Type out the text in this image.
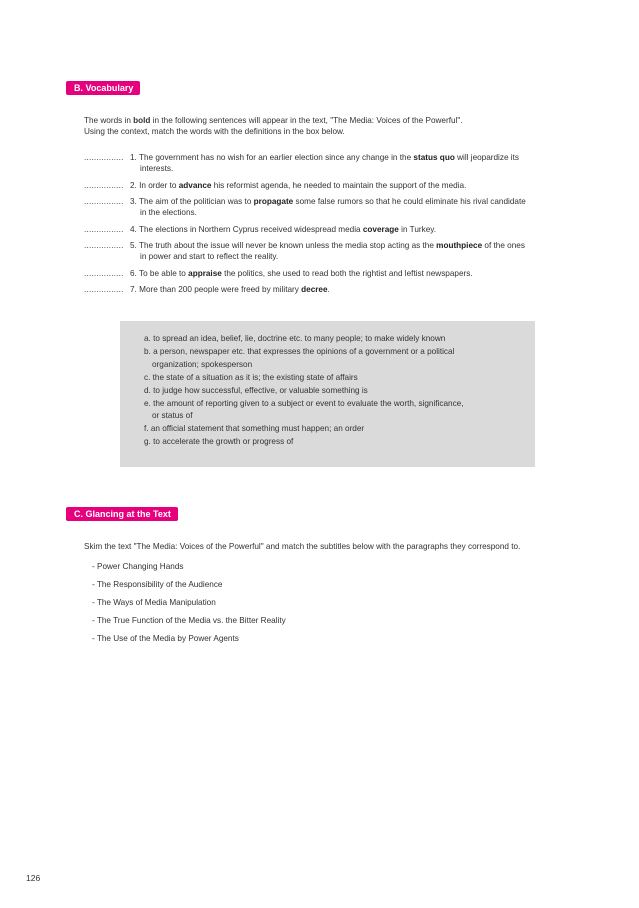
B. Vocabulary

The words in bold in the following sentences will appear in the text, "The Media: Voices of the Powerful".

Using the context, match the words with the definitions in the box below.

................ 1. The government has no wish for an earlier election since any change in the status quo will jeopardize its
interests.
................ 2. In order to advance his reformist agenda, he needed to maintain the support of the media.
................ 3. The aim of the politician was to propagate some false rumors so that he could eliminate his rival candidate
in the elections.
................ 4. The elections in Northern Cyprus received widespread media coverage in Turkey.
................ 5. The truth about the issue will never be known unless the media stop acting as the mouthpiece of the ones
in power and start to reflect the reality.
................ 6. To be able to appraise the politics, she used to read both the rightist and leftist newspapers.
................ 7. More than 200 people were freed by military decree.
a. to spread an idea, belief, lie, doctrine etc. to many people; to make widely known
b. a person, newspaper etc. that expresses the opinions of a government or a political
organization; spokesperson
c. the state of a situation as it is; the existing state of affairs
d. to judge how successful, effective, or valuable something is
e. the amount of reporting given to a subject or event to evaluate the worth, significance,
or status of
f. an official statement that something must happen; an order
g. to accelerate the growth or progress of
C. Glancing at the Text
Skim the text "The Media: Voices of the Powerful" and match the subtitles below with the paragraphs they correspond to.
- Power Changing Hands
- The Responsibility of the Audience
- The Ways of Media Manipulation
- The True Function of the Media vs. the Bitter Reality
- The Use of the Media by Power Agents
126
